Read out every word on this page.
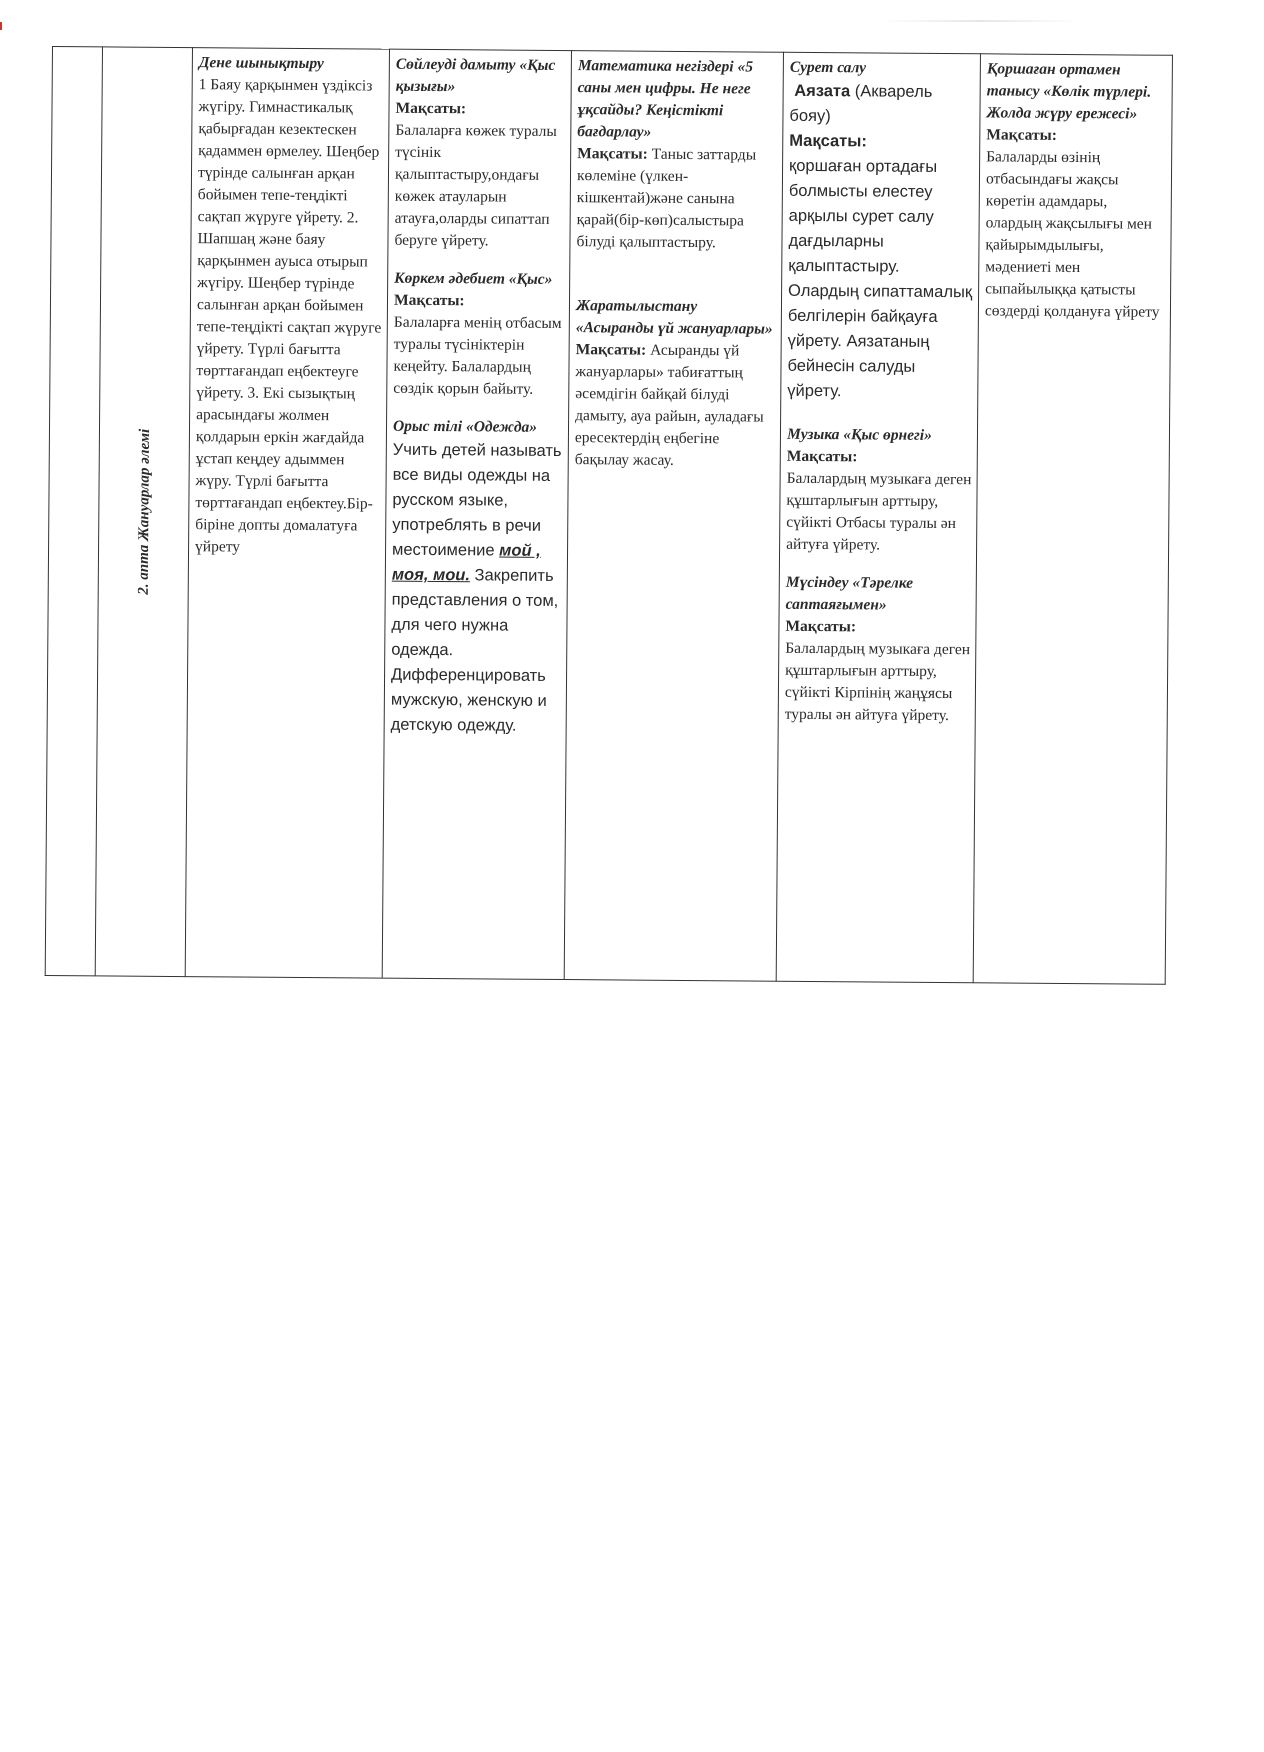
2. апта Жануарлар әлемі

Дене шынықтыру
1 Баяу қарқынмен үздіксіз жүгіру. Гимнастикалық қабырғадан кезектескен қадаммен өрмелеу. Шеңбер түрінде салынған арқан бойымен тепе-теңдікті сақтап жүруге үйрету. 2. Шапшаң және баяу қарқынмен ауыса отырып жүгіру. Шеңбер түрінде салынған арқан бойымен тепе-теңдікті сақтап жүруге үйрету. Түрлі бағытта төрттағандап еңбектеуге үйрету. 3. Екі сызықтың арасындағы жолмен қолдарын еркін жағдайда ұстап кеңдеу адыммен жүру. Түрлі бағытта төрттағандап еңбектеу.Бір-біріне допты домалатуға үйрету

Сөйлеуді дамыту «Қыс қызығы»
Мақсаты:
Балаларға көжек туралы түсінік қалыптастыру,ондағы көжек атауларын атауға,оларды сипаттап беруге үйрету.
Көркем әдебиет «Қыс»
Мақсаты:
Балаларға менің отбасым туралы түсініктерін кеңейту. Балалардың сөздік қорын байыту.
Орыс тілі «Одежда»
Учить детей называть все виды одежды на русском языке, употреблять в речи местоимение мой , моя, мои. Закрепить представления о том, для чего нужна одежда. Дифференцировать мужскую, женскую и детскую одежду.

Математика негіздері «5 саны мен цифры. Не неге ұқсайды? Кеңістікті бағдарлау»
Мақсаты: Таныс заттарды көлеміне (үлкен-кішкентай)және санына қарай(бір-көп)салыстыра білуді қалыптастыру.
Жаратылыстану «Асыранды үй жануарлары»
Мақсаты: Асыранды үй жануарлары» табиғаттың әсемдігін байқай білуді дамыту, ауа райын, ауладағы ересектердің еңбегіне бақылау жасау.

Сурет салу
Аязата (Акварель бояу)
Мақсаты:
қоршаған ортадағы болмысты елестеу арқылы сурет салу дағдыларны қалыптастыру. Олардың сипаттамалық белгілерін байқауға үйрету. Аязатаның бейнесін салуды үйрету.
Музыка «Қыс өрнегі»
Мақсаты:
Балалардың музыкаға деген құштарлығын арттыру, сүйікті Отбасы туралы ән айтуға үйрету.
Мүсіндеу «Тәрелке саптаяғымен»
Мақсаты:
Балалардың музыкаға деген құштарлығын арттыру, сүйікті Кірпінің жаңұясы туралы ән айтуға үйрету.

Қоршаған ортамен танысу «Көлік түрлері. Жолда жүру ережесі»
Мақсаты:
Балаларды өзінің отбасындағы жақсы көретін адамдары, олардың жақсылығы мен қайырымдылығы, мәдениеті мен сыпайылыққа қатысты сөздерді қолдануға үйрету
